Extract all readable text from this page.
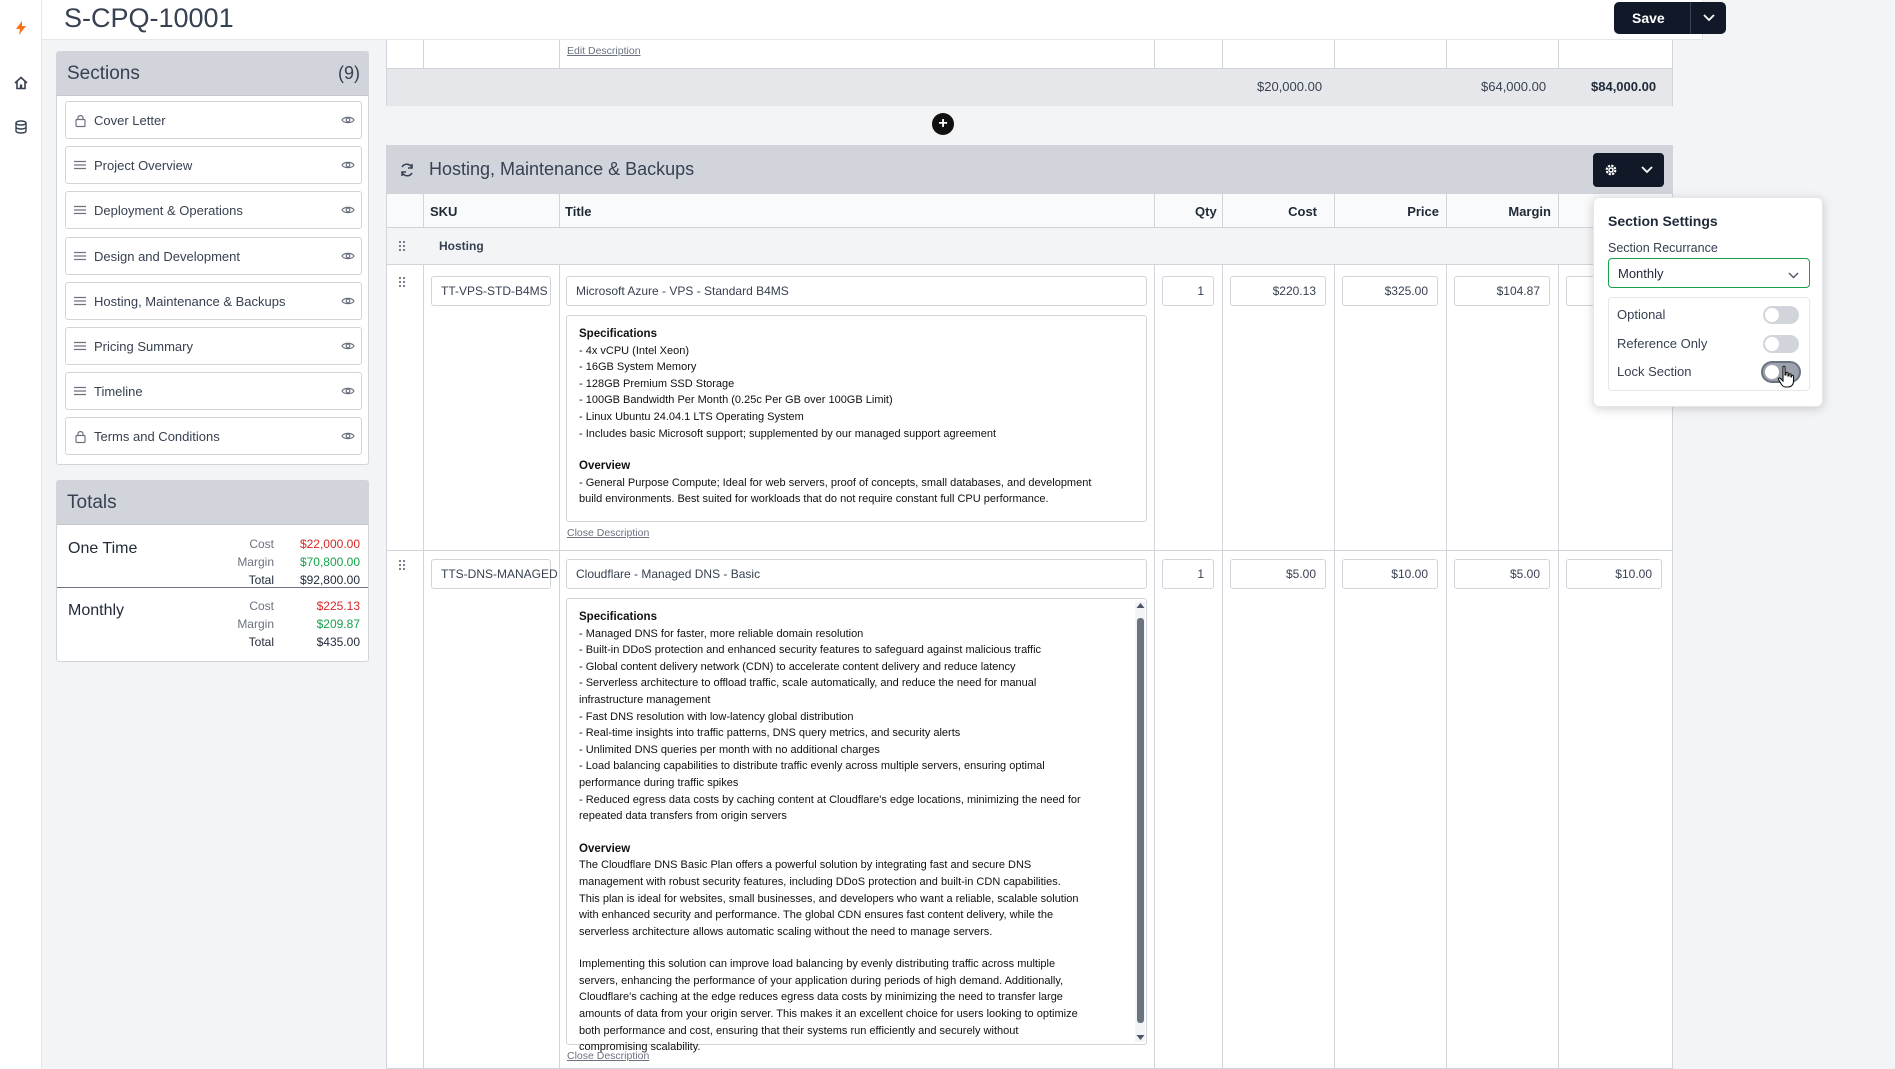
S-CPQ-10001	Save
Sections	(9)
Cover Letter
Project Overview
Deployment & Operations
Design and Development
Hosting, Maintenance & Backups
Pricing Summary
Timeline
Terms and Conditions
Totals
One Time	Cost	$22,000.00
Margin	$70,800.00
Total	$92,800.00
Monthly	Cost	$225.13
Margin	$209.87
Total	$435.00
Edit Description
$20,000.00	$64,000.00	$84,000.00
+
Hosting, Maintenance & Backups
SKU	Title	Qty	Cost	Price	Margin
Hosting
TT-VPS-STD-B4MS	Microsoft Azure - VPS - Standard B4MS	1	$220.13	$325.00	$104.87
Specifications
- 4x vCPU (Intel Xeon)
- 16GB System Memory
- 128GB Premium SSD Storage
- 100GB Bandwidth Per Month (0.25c Per GB over 100GB Limit)
- Linux Ubuntu 24.04.1 LTS Operating System
- Includes basic Microsoft support; supplemented by our managed support agreement
Overview
- General Purpose Compute; Ideal for web servers, proof of concepts, small databases, and development
build environments. Best suited for workloads that do not require constant full CPU performance.
Close Description
TTS-DNS-MANAGED	Cloudflare - Managed DNS - Basic	1	$5.00	$10.00	$5.00	$10.00
Specifications
- Managed DNS for faster, more reliable domain resolution
- Built-in DDoS protection and enhanced security features to safeguard against malicious traffic
- Global content delivery network (CDN) to accelerate content delivery and reduce latency
- Serverless architecture to offload traffic, scale automatically, and reduce the need for manual
infrastructure management
- Fast DNS resolution with low-latency global distribution
- Real-time insights into traffic patterns, DNS query metrics, and security alerts
- Unlimited DNS queries per month with no additional charges
- Load balancing capabilities to distribute traffic evenly across multiple servers, ensuring optimal
performance during traffic spikes
- Reduced egress data costs by caching content at Cloudflare's edge locations, minimizing the need for
repeated data transfers from origin servers
Overview
The Cloudflare DNS Basic Plan offers a powerful solution by integrating fast and secure DNS
management with robust security features, including DDoS protection and built-in CDN capabilities.
This plan is ideal for websites, small businesses, and developers who want a reliable, scalable solution
with enhanced security and performance. The global CDN ensures fast content delivery, while the
serverless architecture allows automatic scaling without the need to manage servers.
Implementing this solution can improve load balancing by evenly distributing traffic across multiple
servers, enhancing the performance of your application during periods of high demand. Additionally,
Cloudflare's caching at the edge reduces egress data costs by minimizing the need to transfer large
amounts of data from your origin server. This makes it an excellent choice for users looking to optimize
both performance and cost, ensuring that their systems run efficiently and securely without
compromising scalability.
Close Description
Section Settings
Section Recurrance
Monthly
Optional
Reference Only
Lock Section
